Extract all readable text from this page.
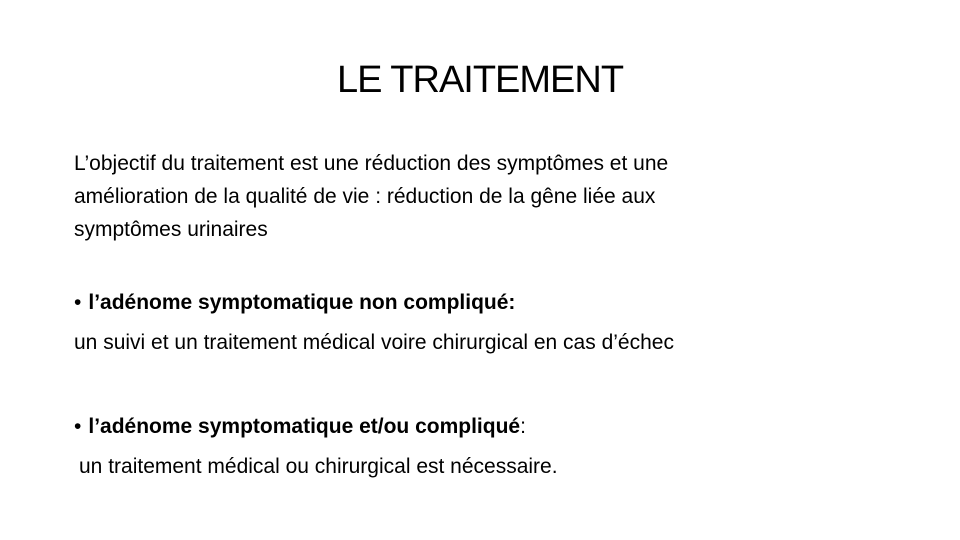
LE TRAITEMENT
L’objectif du traitement est une réduction des symptômes et une
amélioration de la qualité de vie : réduction de la gêne liée aux
symptômes urinaires
• l’adénome symptomatique non compliqué:
un suivi et un traitement médical voire chirurgical en cas d’échec
• l’adénome symptomatique et/ou compliqué:
un traitement médical ou chirurgical est nécessaire.
